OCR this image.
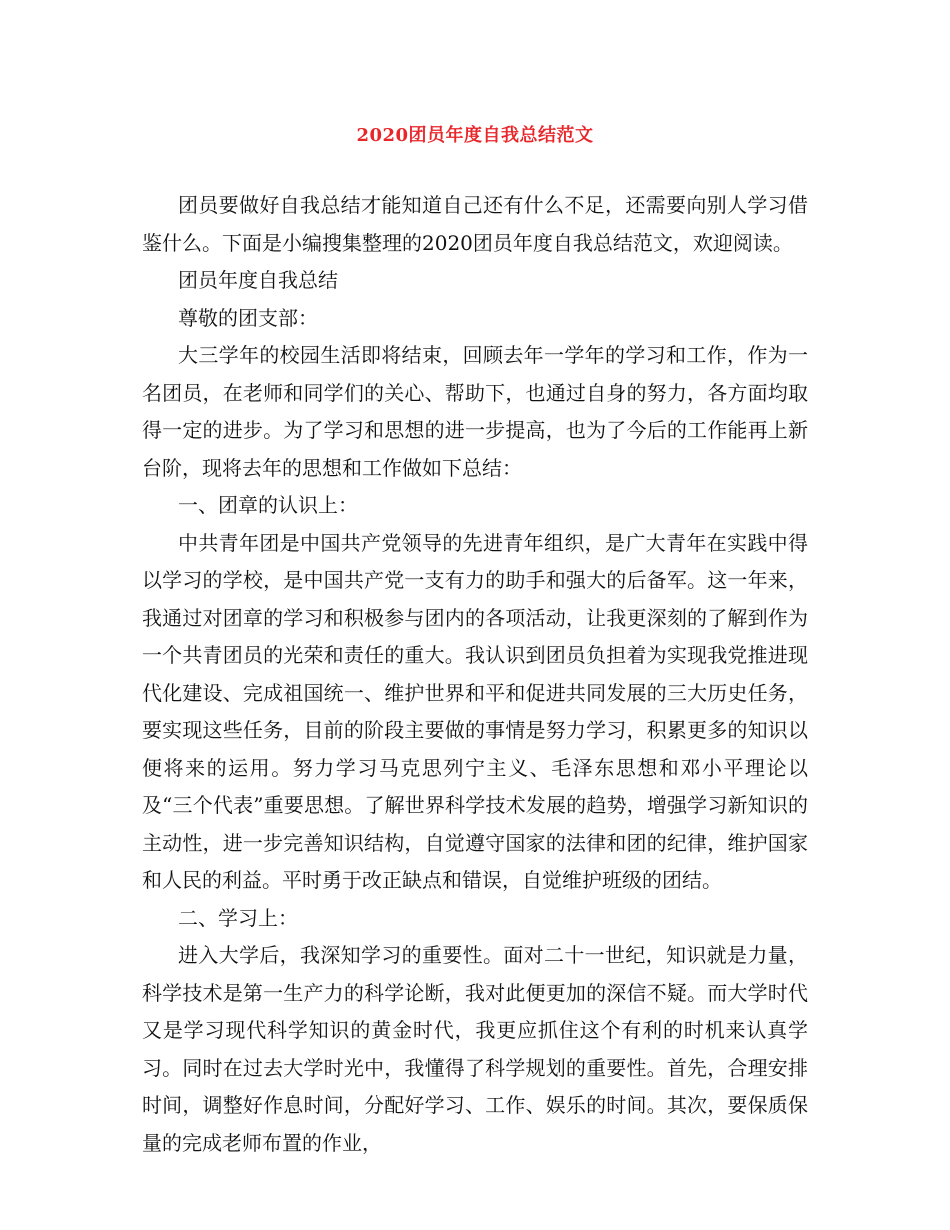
2020团员年度自我总结范文

团员要做好自我总结才能知道自己还有什么不足，还需要向别人学习借鉴什么。下面是小编搜集整理的2020团员年度自我总结范文，欢迎阅读。

团员年度自我总结

尊敬的团支部：

大三学年的校园生活即将结束，回顾去年一学年的学习和工作，作为一名团员，在老师和同学们的关心、帮助下，也通过自身的努力，各方面均取得一定的进步。为了学习和思想的进一步提高，也为了今后的工作能再上新台阶，现将去年的思想和工作做如下总结：

一、团章的认识上：

中共青年团是中国共产党领导的先进青年组织，是广大青年在实践中得以学习的学校，是中国共产党一支有力的助手和强大的后备军。这一年来，我通过对团章的学习和积极参与团内的各项活动，让我更深刻的了解到作为一个共青团员的光荣和责任的重大。我认识到团员负担着为实现我党推进现代化建设、完成祖国统一、维护世界和平和促进共同发展的三大历史任务，要实现这些任务，目前的阶段主要做的事情是努力学习，积累更多的知识以便将来的运用。努力学习马克思列宁主义、毛泽东思想和邓小平理论以及“三个代表”重要思想。了解世界科学技术发展的趋势，增强学习新知识的主动性，进一步完善知识结构，自觉遵守国家的法律和团的纪律，维护国家和人民的利益。平时勇于改正缺点和错误，自觉维护班级的团结。

二、学习上：

进入大学后，我深知学习的重要性。面对二十一世纪，知识就是力量，科学技术是第一生产力的科学论断，我对此便更加的深信不疑。而大学时代又是学习现代科学知识的黄金时代，我更应抓住这个有利的时机来认真学习。同时在过去大学时光中，我懂得了科学规划的重要性。首先，合理安排时间，调整好作息时间，分配好学习、工作、娱乐的时间。其次，要保质保量的完成老师布置的作业，
